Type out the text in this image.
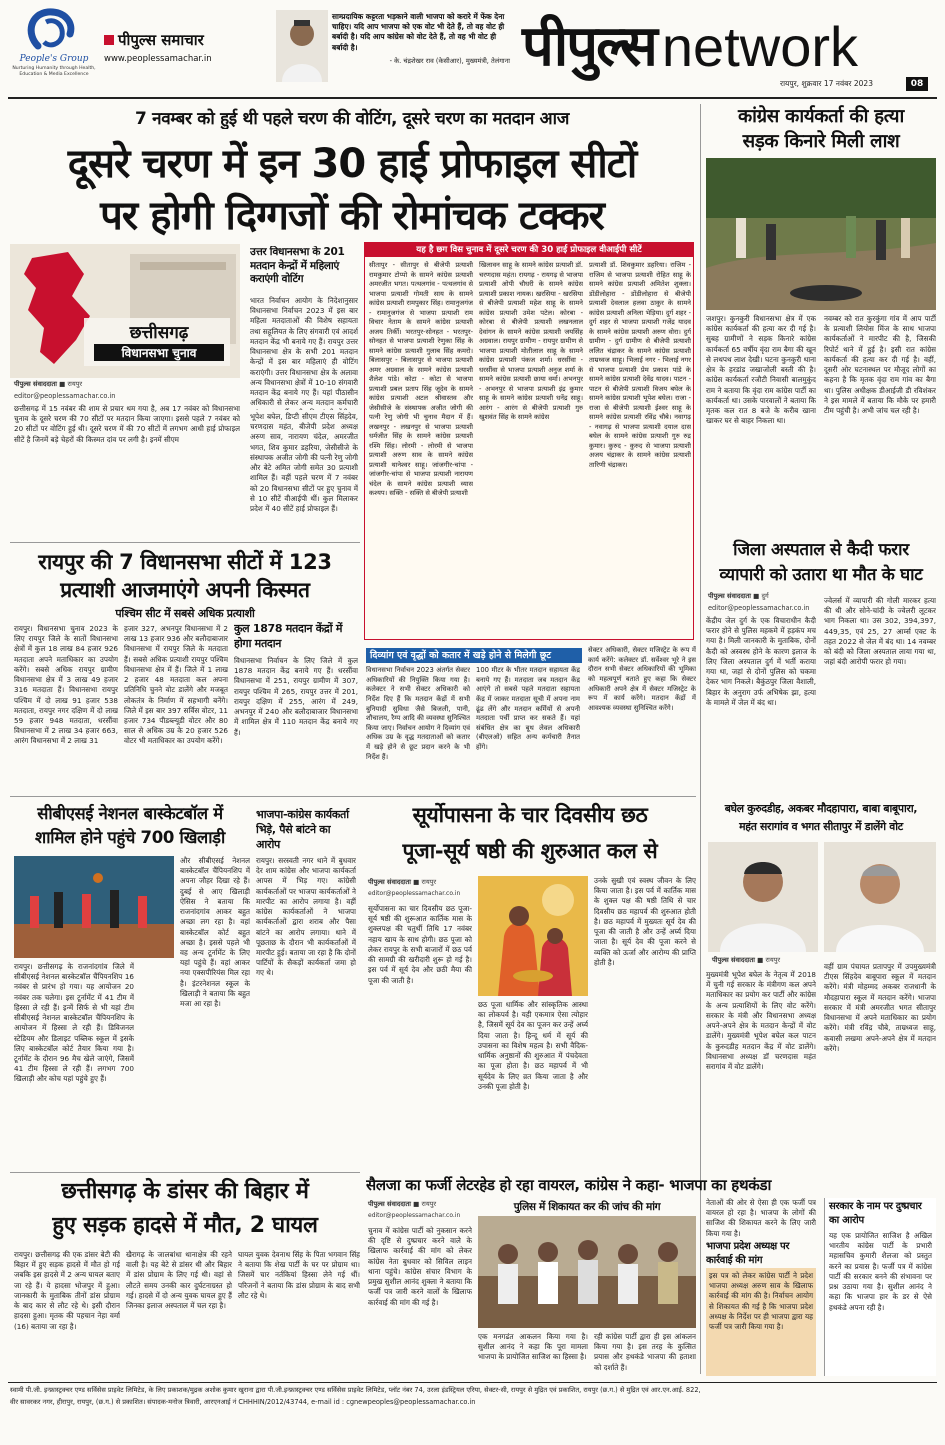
People's Group
Nurturing Humanity through Health, Education & Media Excellence
पीपुल्स समाचार
www.peoplessamachar.in
साम्प्रदायिक कट्टरता भड़काने वाली भाजपा को करारे में फेंक देना चाहिए। यदि आप भाजपा को एक वोट भी देते हैं, तो वह वोट ही बर्बादी है। यदि आप कांग्रेस को वोट देते हैं, तो वह भी वोट ही बर्बादी है।
- के. चंद्रशेखर राव (केसीआर), मुख्यमंत्री, तेलंगाना पीपुल्स network
रायपुर, शुक्रवार 17 नवंबर 2023	08
7 नवम्बर को हुई थी पहले चरण की वोटिंग, दूसरे चरण का मतदान आज
दूसरे चरण में इन 30 हाई प्रोफाइल सीटों
पर होगी दिग्गजों की रोमांचक टक्कर
छत्तीसगढ़
विधानसभा चुनाव
पीपुल्स संवाददाता ■ रायपुर
editor@peoplessamachar.co.in
छत्तीसगढ़ में 15 नवंबर की शाम से प्रचार थम गया है, अब 17 नवंबर को विधानसभा चुनाव के दूसरे चरण की 70 सीटों पर मतदान किया जाएगा। इससे पहले 7 नवंबर को 20 सीटों पर वोटिंग हुई थी। दूसरे चरण में की 70 सीटों में लगभग आधी हाई प्रोफाइल सीटें है जिनमें बड़े चेहरों की किस्मत दांव पर लगी है। इनमें सीएम
उत्तर विधानसभा के 201 मतदान केन्द्रों में महिलाएं कराएंगी वोटिंग
भारत निर्वाचन आयोग के निदेशानुसार विधानसभा निर्वाचन 2023 में इस बार महिला मतदाताओं की विशेष सहायता तथा सहूलियत के लिए संगवारी एवं आदर्श मतदान केंद्र भी बनाये गए हैं। रायपुर उत्तर विधानसभा क्षेत्र के सभी 201 मतदान केन्द्रों में इस बार महिलाएं ही वोटिंग कराएंगी। उत्तर विधानसभा क्षेत्र के अलावा अन्य विधानसभा क्षेत्रों में 10-10 संगवारी मतदान केंद्र बनाये गए हैं। यहां पीठासीन अधिकारी से लेकर अन्य मतदान कर्मचारी
भूपेश बघेल, डिप्टी सीएम टीएस सिंहदेव, चरणदास महंत, बीजेपी प्रदेश अध्यक्ष अरुण साव, नारायण चंदेल, अमरजीत भगत, शिव कुमार डहरिया, जेसीसीजे के संस्थापक अजीत जोगी की पत्नी रेणु जोगी और बेटे अमित जोगी समेत 30 प्रत्याशी शामिल हैं। वहीं पहले चरण में 7 नवंबर को 20 विधानसभा सीटों पर हुए चुनाव में से 10 सीटें वीआईपी थीं। कुल मिलाकर प्रदेश में 40 सीटें हाई प्रोफाइल हैं।
यह है छग विस चुनाव में दूसरे चरण की 30 हाई प्रोफाइल वीआईपी सीटें
सीतापुर - सीतापुर से बीजेपी प्रत्याशी रामकुमार टोप्पो के सामने कांग्रेस प्रत्याशी अमरजीत भगत। पत्थलगांव - पत्थलगांव से भाजपा प्रत्याशी गोमती साय के सामने कांग्रेस प्रत्याशी रामपुकार सिंह। रामानुजगंज - रामानुजगंज से भाजपा प्रत्याशी राम विचार नेताम के सामने कांग्रेस प्रत्याशी अजय तिर्की। भरतपुर-सोनहत - भरतपुर-सोनहत से भाजपा प्रत्याशी रेणुका सिंह के सामने कांग्रेस प्रत्याशी गुलाब सिंह कमरो। बिलासपुर - बिलासपुर से भाजपा प्रत्याशी अमर अग्रवाल के सामने कांग्रेस प्रत्याशी शैलेश पांडे। कोटा - कोटा से भाजपा प्रत्याशी प्रबल प्रताप सिंह जूदेव के सामने कांग्रेस प्रत्याशी अटल श्रीवास्तव और जेसीसीजे के संस्थापक अजीत जोगी की पत्नी रेणु जोगी भी चुनाव मैदान में हैं। लखनपुर - लखनपुर से भाजपा प्रत्याशी धर्मजीत सिंह के सामने कांग्रेस प्रत्याशी रश्मि सिंह। लोरमी - लोरमी से भाजपा प्रत्याशी अरुण साव के सामने कांग्रेस प्रत्याशी थानेश्वर साहू। जांजगीर-चांपा - जांजगीर-चांपा से भाजपा प्रत्याशी नारायण चंदेल के सामने कांग्रेस प्रत्याशी व्यास कश्यप। सक्ति - सक्ति से बीजेपी प्रत्याशी
खिलावन साहू के सामने कांग्रेस प्रत्याशी डॉ. चरणदास महंत। रायगढ़ - रायगढ़ से भाजपा प्रत्याशी ओपी चौधरी के सामने कांग्रेस प्रत्याशी प्रकाश नायक। खरसिया - खरसिया से बीजेपी प्रत्याशी महेश साहू के सामने कांग्रेस प्रत्याशी उमेश पटेल। कोरबा - कोरबा से बीजेपी प्रत्याशी लखनलाल देवांगन के सामने कांग्रेस प्रत्याशी जयसिंह अग्रवाल। रायपुर ग्रामीण - रायपुर ग्रामीण से भाजपा प्रत्याशी मोतीलाल साहू के सामने कांग्रेस प्रत्याशी पंकज शर्मा। धरसींवा - धरसींवा से भाजपा प्रत्याशी अनुज शर्मा के सामने कांग्रेस प्रत्याशी छाया वर्मा। अभनपुर - अभनपुर से भाजपा प्रत्याशी इंद्र कुमार साहू के सामने कांग्रेस प्रत्याशी धनेंद्र साहू। आरंग - आरंग से बीजेपी प्रत्याशी गुरु खुशवंत सिंह के सामने कांग्रेस
प्रत्याशी डॉ. शिवकुमार डहरिया। राजिम - राजिम से भाजपा प्रत्याशी रोहित साहू के सामने कांग्रेस प्रत्याशी अमितेश शुक्ला। डोंडीलोहारा - डोंडीलोहारा से बीजेपी प्रत्याशी देवलाल हलवा ठाकुर के सामने कांग्रेस प्रत्याशी अनिला भेड़िया। दुर्ग शहर - दुर्ग शहर से भाजपा प्रत्याशी गजेंद्र यादव के सामने कांग्रेस प्रत्याशी अरुण वोरा। दुर्ग ग्रामीण - दुर्ग ग्रामीण से बीजेपी प्रत्याशी ललित चंद्राकर के सामने कांग्रेस प्रत्याशी ताम्रध्वज साहू। भिलाई नगर - भिलाई नगर से भाजपा प्रत्याशी प्रेम प्रकाश पांडे के सामने कांग्रेस प्रत्याशी देवेंद्र यादव। पाटन - पाटन से बीजेपी प्रत्याशी विजय बघेल के सामने कांग्रेस प्रत्याशी भूपेश बघेल। राजा - राजा से बीजेपी प्रत्याशी ईश्वर साहू के सामने कांग्रेस प्रत्याशी रविंद्र चौबे। नवागढ़ - नवागढ़ से भाजपा प्रत्याशी दयाल दास बघेल के सामने कांग्रेस प्रत्याशी गुरु रुद्र कुमार। कुरुद - कुरुद से भाजपा प्रत्याशी अजय चंद्राकर के सामने कांग्रेस प्रत्याशी तारिणी चंद्राकर।
कांग्रेस कार्यकर्ता की हत्या
सड़क किनारे मिली लाश
जशपुर। कुनकुरी विधानसभा क्षेत्र में एक कांग्रेस कार्यकर्ता की हत्या कर दी गई है। सुबह ग्रामीणों ने सड़क किनारे कांग्रेस कार्यकर्ता 65 वर्षीय वृंदा राम बैगा की खून से लथपथ लाश देखी। घटना कुनकुरी थाना क्षेत्र के हरडांड जखाजोली बस्ती की है। कांग्रेस कार्यकर्ता रजौटी निवासी बालमुकुंद राम ने बताया कि वृंदा राम कांग्रेस पार्टी का कार्यकर्ता था। उसके पारवालों ने बताया कि मृतक कल रात 8 बजे के करीब खाना खाकर घर से बाहर निकला था।
नवम्बर को रात कुरकुंगा गांव में आप पार्टी के प्रत्याशी लियोस मिंज के साथ भाजपा कार्यकर्ताओं ने मारपीट की है, जिसकी रिपोर्ट थाने में हुई है। इसी रात कांग्रेस कार्यकर्ता की हत्या कर दी गई है। वहीं, दूसरी ओर घटनास्थल पर मौजूद लोगों का कहना है कि मृतक वृंदा राम गांव का बैगा था। पुलिस अधीक्षक डीआईजी डी रविशंकर ने इस मामले में बताया कि मौके पर हमारी टीम पहुंची है। अभी जांच चल रही है।
जिला अस्पताल से कैदी फरार
व्यापारी को उतारा था मौत के घाट
पीपुल्स संवाददाता ■ दुर्ग
editor@peoplessamachar.co.in
केंद्रीय जेल दुर्ग के एक विचाराधीन कैदी फरार होने से पुलिस महकमे में हड़कंप मच गया है। मिली जानकारी के मुताबिक, दोनों कैदी को अस्वस्थ होने के कारण इलाज के लिए जिला अस्पताल दुर्ग में भर्ती कराया गया था, जहां से दोनों पुलिस को चकमा देकर भाग निकले। बैकुंठपुर जिला वैशाली, बिहार के अनुराग उर्फ अभिषेक झा, हत्या के मामले में जेल में बंद था।
ज्वेलर्स में व्यापारी की गोली मारकर हत्या की थी और सोने-चांदी के ज्वेलरी लूटकर भाग निकला था। उस 302, 394,397, 449,35, एवं 25, 27 आर्म्स एक्ट के तहत 2022 से जेल में बंद था। 14 नवम्बर को बंदी को जिला अस्पताल लाया गया था, जहां बंदी आरोपी फरार हो गया।
रायपुर की 7 विधानसभा सीटों में 123
प्रत्याशी आजमाएंगे अपनी किस्मत
पश्चिम सीट में सबसे अधिक प्रत्याशी
रायपुर। विधानसभा चुनाव 2023 के लिए रायपुर जिले के सातों विधानसभा क्षेत्रों में कुल 18 लाख 84 हजार 926 मतदाता अपने मताधिकार का उपयोग करेंगे। सबसे अधिक रायपुर ग्रामीण विधानसभा क्षेत्र में 3 लाख 49 हजार 316 मतदाता हैं। विधानसभा रायपुर पश्चिम में दो लाख 91 हजार 538 मतदाता, रायपुर नगर दक्षिण में दो लाख 59 हजार 948 मतदाता, धरसींवा विधानसभा में 2 लाख 34 हजार 663, आरंग विधानसभा में 2 लाख 31
हजार 327, अभनपुर विधानसभा में 2 लाख 13 हजार 936 और बलौदाबाजार विधानसभा में रायपुर जिले के मतदाता हैं। सबसे अधिक प्रत्याशी रायपुर पश्चिम विधानसभा क्षेत्र में हैं। जिले में 1 लाख 2 हजार 48 मतदाता कल अपना प्रतिनिधि चुनने वोट डालेंगे और मजबूत लोकतंत्र के निर्माण में सहभागी बनेंगे। जिले में इस बार 397 सर्विस वोटर, 11 हजार 734 पीडब्ल्यूडी वोटर और 80 साल से अधिक उम्र के 20 हजार 526 वोटर भी मताधिकार का उपयोग करेंगे।
कुल 1878 मतदान केंद्रों में होगा मतदान
विधानसभा निर्वाचन के लिए जिले में कुल 1878 मतदान केंद्र बनाये गए हैं। धरसींवा विधानसभा में 251, रायपुर ग्रामीण में 307, रायपुर पश्चिम में 265, रायपुर उत्तर में 201, रायपुर दक्षिण में 255, आरंग में 249, अभनपुर में 240 और बलौदाबाजार विधानसभा में शामिल क्षेत्र में 110 मतदान केंद्र बनाये गए हैं।
दिव्यांग एवं वृद्धों को कतार में खड़े होने से मिलेगी छूट
विधानसभा निर्वाचन 2023 अंतर्गत सेक्टर अधिकारियों की नियुक्ति किया गया है। कलेक्टर ने सभी सेक्टर अधिकारी को निर्देश दिए हैं कि मतदान केंद्रों में सभी बुनियादी सुविधा जैसे बिजली, पानी, शौचालय, रैम्प आदि की व्यवस्था सुनिश्चित किया जाए। निर्वाचन आयोग ने दिव्यांग एवं अधिक उम्र के वृद्ध मतदाताओं को कतार में खड़े होने से छूट प्रदान करने के भी निर्देश हैं।
100 मीटर के भीतर मतदान सहायता केंद्र बनाये गए हैं। मतदाता जब मतदान केंद्र आएंगे तो सबसे पहले मतदाता सहायता केंद्र में जाकर मतदाता सूची में अपना नाम ढूंढ लेंगे और मतदान कर्मियों से अपनी मतदाता पर्ची प्राप्त कर सकते हैं। यहां संबंधित क्षेत्र का बूथ लेवल अधिकारी (बीएलओ) सहित अन्य कर्मचारी तैनात होंगे।
सेक्टर अधिकारी, सेक्टर मजिस्ट्रेट के रूप में कार्य करेंगे: कलेक्टर डॉ. सर्वेश्वर भूरे ने इस दौरान सभी सेक्टर अधिकारियों की भूमिका को महत्वपूर्ण बताते हुए कहा कि सेक्टर अधिकारी अपने क्षेत्र में सेक्टर मजिस्ट्रेट के रूप में कार्य करेंगे। मतदान केंद्रों में आवश्यक व्यवस्था सुनिश्चित करेंगे।
सीबीएसई नेशनल बास्केटबॉल में
शामिल होने पहुंचे 700 खिलाड़ी
रायपुर। छत्तीसगढ़ के राजनांदगांव जिले में सीबीएसई नेशनल बास्केटबॉल चैंपियनशिप 16 नवंबर से प्रारंभ हो गया। यह आयोजन 20 नवंबर तक चलेगा। इस टूर्नामेंट में 41 टीम में हिस्सा ले रही हैं। इन्में सिर्फ से भी यहां टीम सीबीएसई नेशनल बास्केटबॉल चैंपियनशिप के आयोजन में हिस्सा ले रही हैं। डिविजनल स्टेडियम और डिलाइट पब्लिक स्कूल में इसके लिए बास्केटबॉल कोर्ट तैयार किया गया है। टूर्नामेंट के दौरान 96 मैच खेले जाएंगे, जिसमें 41 टीम हिस्सा ले रही हैं। लगभग 700 खिलाड़ी और कोच यहां पहुंचे हुए हैं।
और सीबीएसई नेशनल बास्केटबॉल चैंपियनशिप में अपना जौहर दिखा रहे हैं। दुबई से आए खिलाड़ी ऐसिस ने बताया कि राजनांदगांव आकर बहुत अच्छा लग रहा है। वहां बास्केटबॉल कोर्ट बहुत अच्छा है। इससे पहले भी वह अन्य टूर्नामेंट के लिए यहां पहुंचे हैं। वहां आकर नया एक्सपीरियंस मिल रहा है। इंटरनेशनल स्कूल के खिलाड़ी ने बताया कि बहुत मजा आ रहा है।
भाजपा-कांग्रेस कार्यकर्ता भिड़े, पैसे बांटने का आरोप
रायपुर। सरस्वती नगर थाने में बुधवार देर शाम कांग्रेस और भाजपा कार्यकर्ता आपस में भिड़ गए। कांग्रेसी कार्यकर्ताओं पर भाजपा कार्यकर्ताओं ने मारपीट का आरोप लगाया है। वहीं कांग्रेस कार्यकर्ताओं ने भाजपा कार्यकर्ताओं द्वारा शराब और पैसा बांटने का आरोप लगाया। थाने में पूछताछ के दौरान भी कार्यकर्ताओं में मारपीट हुई। बताया जा रहा है कि दोनों पार्टियों के सैकड़ों कार्यकर्ता जमा हो गए थे।
सूर्योपासना के चार दिवसीय छठ
पूजा-सूर्य षष्ठी की शुरुआत कल से
पीपुल्स संवाददाता ■ रायपुर
editor@peoplessamachar.co.in
सूर्योपासना का चार दिवसीय छठ पूजा-सूर्य षष्ठी की शुरूआत कार्तिक मास के शुक्लपक्ष की चतुर्थी तिथि 17 नवंबर नहाय खाय के साथ होगी। छठ पूजा को लेकर रायपुर के सभी बाजारों में छठ पर्व की सामग्री की खरीदारी शुरू हो गई है। इस पर्व में सूर्य देव और छठी मैया की पूजा की जाती है।
छठ पूजा धार्मिक और सांस्कृतिक आस्था का लोकपर्व है। यही एकमात्र ऐसा त्योहार है, जिसमें सूर्य देव का पूजन कर उन्हें अर्घ्य दिया जाता है। हिन्दू धर्म में सूर्य की उपासना का विशेष महत्व है। सभी वैदिक-धार्मिक अनुष्ठानों की शुरुआत में पंचदेवता का पूजा होता है। छठ महापर्व में भी सूर्यदेव के लिए व्रत किया जाता है और उनकी पूजा होती है।
उनके सुखी एवं स्वस्थ जीवन के लिए किया जाता है। इस पर्व में कार्तिक मास के शुक्ल पक्ष की षष्ठी तिथि से चार दिवसीय छठ महापर्व की शुरुआत होती है। छठ महापर्व में मुख्यतः सूर्य देव की पूजा की जाती है और उन्हें अर्घ्य दिया जाता है। सूर्य देव की पूजा करने से व्यक्ति को ऊर्जा और आरोग्य की प्राप्ति होती है।
बघेल कुरुदडीह, अकबर मौदहापारा, बाबा बाबूपारा,
महंत सरागांव व भगत सीतापुर में डालेंगे वोट
पीपुल्स संवाददाता ■ रायपुर
मुख्यमंत्री भूपेश बघेल के नेतृत्व में 2018 में चुनी गई सरकार के मंत्रीगण कल अपने मताधिकार का प्रयोग कर पार्टी और कांग्रेस के अन्य प्रत्याशियों के लिए वोट करेंगे। सरकार के मंत्री और विधानसभा अध्यक्ष अपने-अपने क्षेत्र के मतदान केन्द्रों में वोट डालेंगे। मुख्यमंत्री भूपेश बघेल कल पाटन के कुरुदडीह मतदान केंद्र में वोट डालेंगे। विधानसभा अध्यक्ष डॉ चरणदास महंत सरागांव में वोट डालेंगे।
वहीं ग्राम पंचायत प्रतापपुर में उपमुख्यमंत्री टीएस सिंहदेव बाबूपारा स्कूल में मतदान करेंगे। मंत्री मोहम्मद अकबर राजधानी के मौदहापारा स्कूल में मतदान करेंगे। भाजपा सरकार में मंत्री अमरजीत भगत सीतापुर विधानसभा में अपने मताधिकार का प्रयोग करेंगे। मंत्री रविंद्र चौबे, ताम्रध्वज साहू, कवासी लखमा अपने-अपने क्षेत्र में मतदान करेंगे।
छत्तीसगढ़ के डांसर की बिहार में
हुए सड़क हादसे में मौत, 2 घायल
रायपुर। छत्तीसगढ़ की एक डांसर बेटी की बिहार में हुए सड़क हादसे में मौत हो गई जबकि इस हादसे में 2 अन्य घायल बताए जा रहे हैं। ये हादसा भोजपुर में हुआ। जानकारी के मुताबिक तीनों डांस प्रोग्राम के बाद कार से लौट रहे थे। इसी दौरान हादसा हुआ। मृतक की पहचान नेहा वर्मा (16) बताया जा रहा है।
खैरागढ़ के जालबांधा थानाक्षेत्र की रहने वाली है। यह बेटे से डांसर थी और बिहार में डांस प्रोग्राम के लिए गई थी। वहां से लौटते समय उनकी कार दुर्घटनाग्रस्त हो गई। हादसे में दो अन्य युवक घायल हुए हैं जिनका इलाज अस्पताल में चल रहा है।
घायल युवक देवनाथ सिंह के पिता भगवान सिंह ने बताया कि शेख पार्टी के घर पर प्रोग्राम था। जिसमें चार नर्तकियां हिस्सा लेने गई थीं। परिजनों ने बताया कि डांस प्रोग्राम के बाद सभी लौट रहे थे।
सैलजा का फर्जी लेटरहेड हो रहा वायरल, कांग्रेस ने कहा- भाजपा का हथकंडा
पीपुल्स संवाददाता ■ रायपुर
editor@peoplessamachar.co.in
चुनाव में कांग्रेस पार्टी को नुकसान करने की दृष्टि से दुष्प्रचार करने वाले के खिलाफ कार्रवाई की मांग को लेकर कांग्रेस नेता बुधवार को सिविल लाइन थाना पहुंचे। कांग्रेस संचार विभाग के प्रमुख सुशील आनंद शुक्ला ने बताया कि फर्जी पत्र जारी करने वालों के खिलाफ कार्रवाई की मांग की गई है।
पुलिस में शिकायत कर की जांच की मांग
एक मनगढंत आकलन किया गया है। सुशील आनंद ने कहा कि पूरा मामला भाजपा के प्रायोजित साजिश का हिस्सा है।
रही कांग्रेस पार्टी द्वारा ही इस आंकलन किया गया है। इस तरह के कुत्सित प्रयास और हथकंडे भाजपा की हताशा को दर्शाते हैं।
नेताओं की ओर से ऐसा ही एक फर्जी पत्र वायरल हो रहा है। भाजपा के लोगों की साजिश की शिकायत करने के लिए जारी किया गया है।
भाजपा प्रदेश अध्यक्ष पर कार्रवाई की मांग
इस पत्र को लेकर कांग्रेस पार्टी ने प्रदेश भाजपा अध्यक्ष अरुण साव के खिलाफ कार्रवाई की मांग की है। निर्वाचन आयोग से शिकायत की गई है कि भाजपा प्रदेश अध्यक्ष के निर्देश पर ही भाजपा द्वारा यह फर्जी पत्र जारी किया गया है।
सरकार के नाम पर दुष्प्रचार का आरोप
यह एक प्रायोजित साजिश है अखिल भारतीय कांग्रेस पार्टी के प्रभारी महासचिव कुमारी शैलजा को प्रस्तुत करने का प्रयास है। फर्जी पत्र में कांग्रेस पार्टी की सरकार बनने की संभावना पर प्रश्न उठाया गया है। सुशील आनंद ने कहा कि भाजपा हार के डर से ऐसे हथकंडे अपना रही है।
स्वामी पी.जी. इन्फ्रास्ट्रक्चर एण्ड सर्विसेस प्राइवेट लिमिटेड, के लिए प्रकाशक/मुद्रक अशोक कुमार खुराना द्वारा पी.जी.इन्फ्रास्ट्रक्चर एण्ड सर्विसेस प्राइवेट लिमिटेड, प्लॉट नंबर 74, उरला इंडस्ट्रियल एरिया, सेक्टर-सी, रायपुर से मुद्रित एवं प्रकाशित, रायपुर (छ.ग.) से मुद्रित एवं आर.एन.आई. 822,
वीर सावरकर नगर, हीरापुर, रायपुर, (छ.ग.) से प्रकाशित। संपादक-मनोज त्रिवारी, आरएनआई नं CHHHIN/2012/43744, e-mail id : cgnewpeoples@peoplessamachar.co.in
